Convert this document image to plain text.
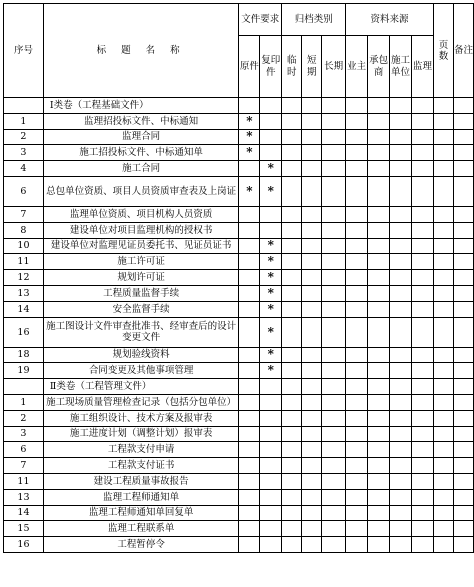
序号	标 题 名 称	文件要求		归档类别			资料来源				页数	备注
		原件	复印件	临时	短期	长期	业主	承包商	施工单位	监理		
	Ⅰ类卷（工程基础文件）											
1	监理招投标文件、中标通知	*										
2	监理合同	*										
3	施工招投标文件、中标通知单	*										
4	施工合同		*									
6	总包单位资质、项目人员资质审查表及上岗证	*	*									
7	监理单位资质、项目机构人员资质											
8	建设单位对项目监理机构的授权书											
10	建设单位对监理见证员委托书、见证员证书		*									
11	施工许可证		*									
12	规划许可证		*									
13	工程质量监督手续		*									
14	安全监督手续		*									
16	施工图设计文件审查批准书、经审查后的设计变更文件		*									
18	规划验线资料		*									
19	合同变更及其他事项管理		*									
	Ⅱ类卷（工程管理文件）											
1	施工现场质量管理检查记录（包括分包单位）											
2	施工组织设计、技术方案及报审表											
3	施工进度计划（调整计划）报审表											
6	工程款支付申请											
7	工程款支付证书											
11	建设工程质量事故报告											
13	监理工程师通知单											
14	监理工程师通知单回复单											
15	监理工程联系单											
16	工程暂停令											
